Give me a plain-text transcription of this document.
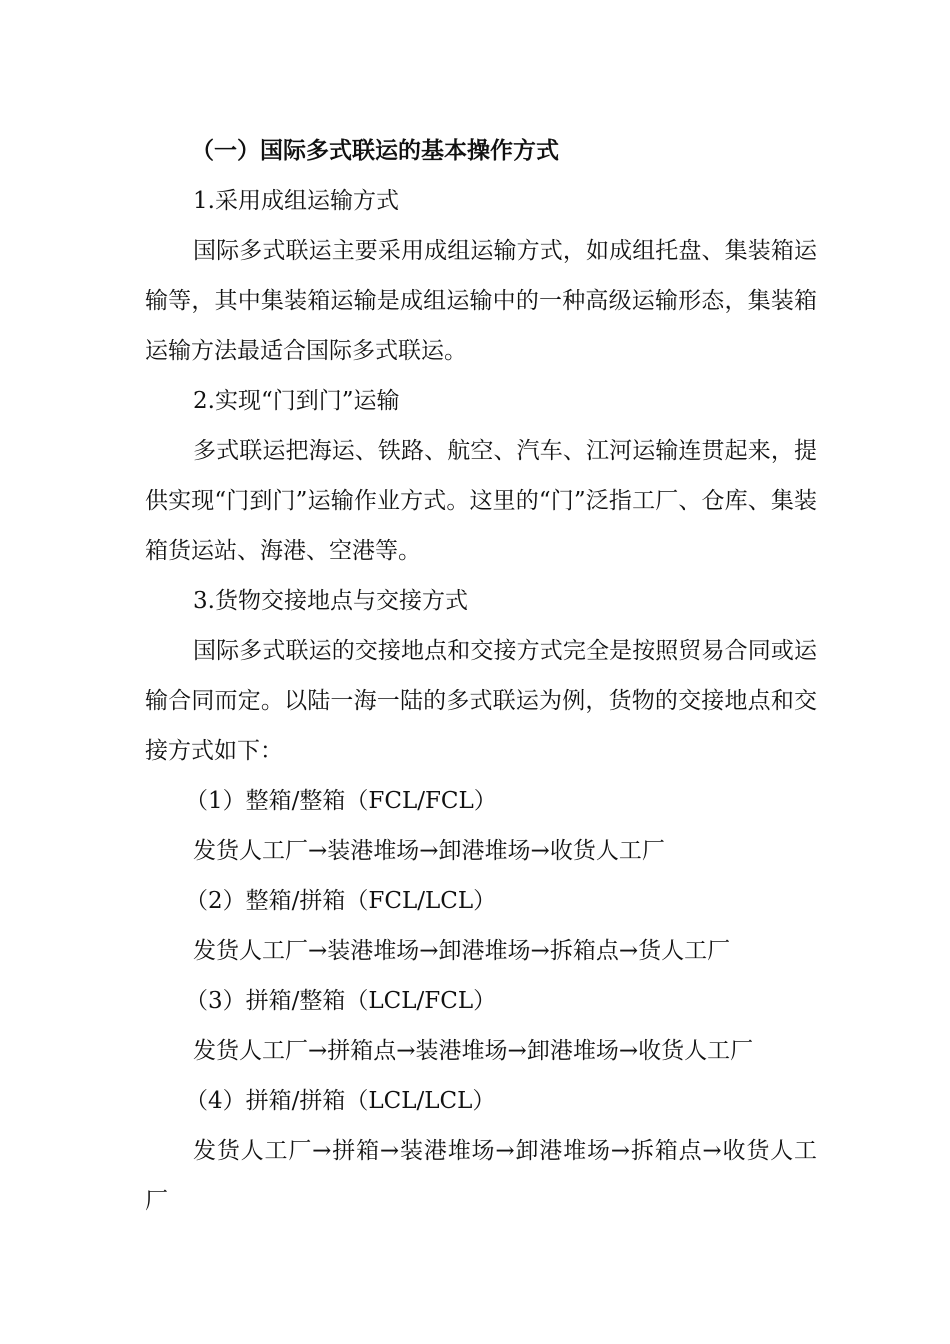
（一）国际多式联运的基本操作方式

1.采用成组运输方式

国际多式联运主要采用成组运输方式，如成组托盘、集装箱运输等，其中集装箱运输是成组运输中的一种高级运输形态，集装箱运输方法最适合国际多式联运。

2.实现“门到门”运输

多式联运把海运、铁路、航空、汽车、江河运输连贯起来，提供实现“门到门”运输作业方式。这里的“门”泛指工厂、仓库、集装箱货运站、海港、空港等。

3.货物交接地点与交接方式

国际多式联运的交接地点和交接方式完全是按照贸易合同或运输合同而定。以陆一海一陆的多式联运为例，货物的交接地点和交接方式如下：

（1）整箱/整箱（FCL/FCL）

发货人工厂→装港堆场→卸港堆场→收货人工厂

（2）整箱/拼箱（FCL/LCL）

发货人工厂→装港堆场→卸港堆场→拆箱点→货人工厂

（3）拼箱/整箱（LCL/FCL）

发货人工厂→拼箱点→装港堆场→卸港堆场→收货人工厂

（4）拼箱/拼箱（LCL/LCL）

发货人工厂→拼箱→装港堆场→卸港堆场→拆箱点→收货人工厂
